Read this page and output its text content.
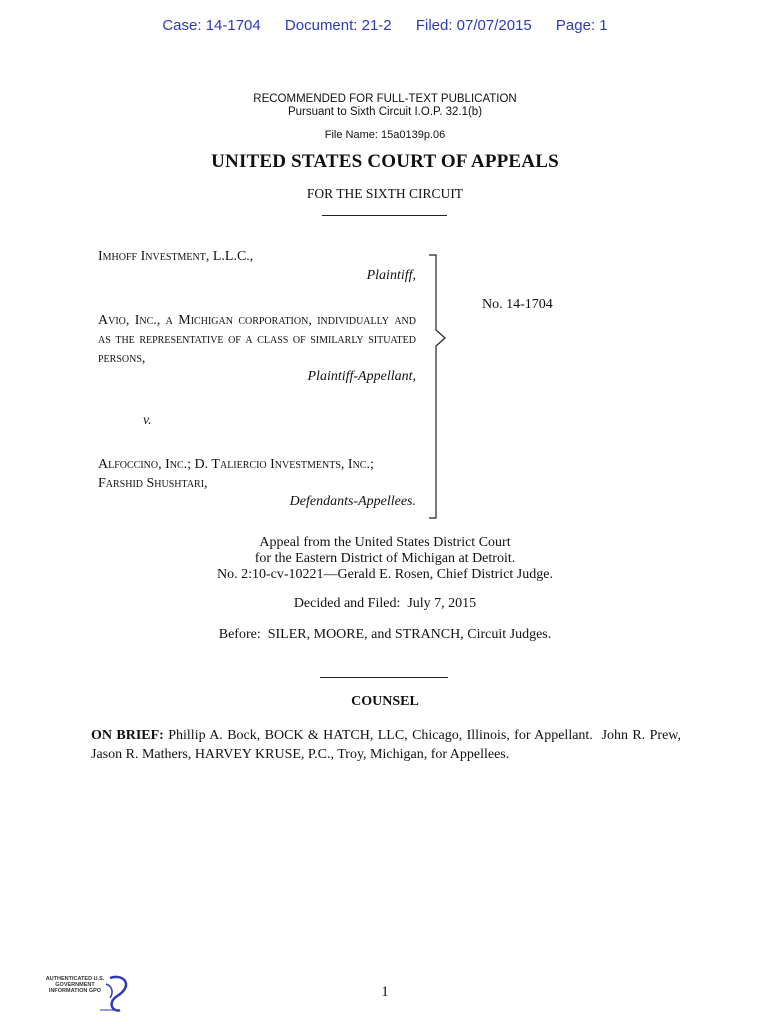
Case: 14-1704 Document: 21-2 Filed: 07/07/2015 Page: 1
RECOMMENDED FOR FULL-TEXT PUBLICATION
Pursuant to Sixth Circuit I.O.P. 32.1(b)
File Name: 15a0139p.06
UNITED STATES COURT OF APPEALS
FOR THE SIXTH CIRCUIT
Imhoff Investment, L.L.C.,
Plaintiff,
Avio, Inc., a Michigan corporation, individually and as the representative of a class of similarly situated persons,
Plaintiff-Appellant,
v.
Alfoccino, Inc.; D. Taliercio Investments, Inc.; Farshid Shushtari,
Defendants-Appellees.
No. 14-1704
Appeal from the United States District Court
for the Eastern District of Michigan at Detroit.
No. 2:10-cv-10221—Gerald E. Rosen, Chief District Judge.
Decided and Filed:  July 7, 2015
Before:  SILER, MOORE, and STRANCH, Circuit Judges.
COUNSEL
ON BRIEF: Phillip A. Bock, BOCK & HATCH, LLC, Chicago, Illinois, for Appellant.  John R. Prew, Jason R. Mathers, HARVEY KRUSE, P.C., Troy, Michigan, for Appellees.
1
AUTHENTICATED U.S. GOVERNMENT INFORMATION GPO
